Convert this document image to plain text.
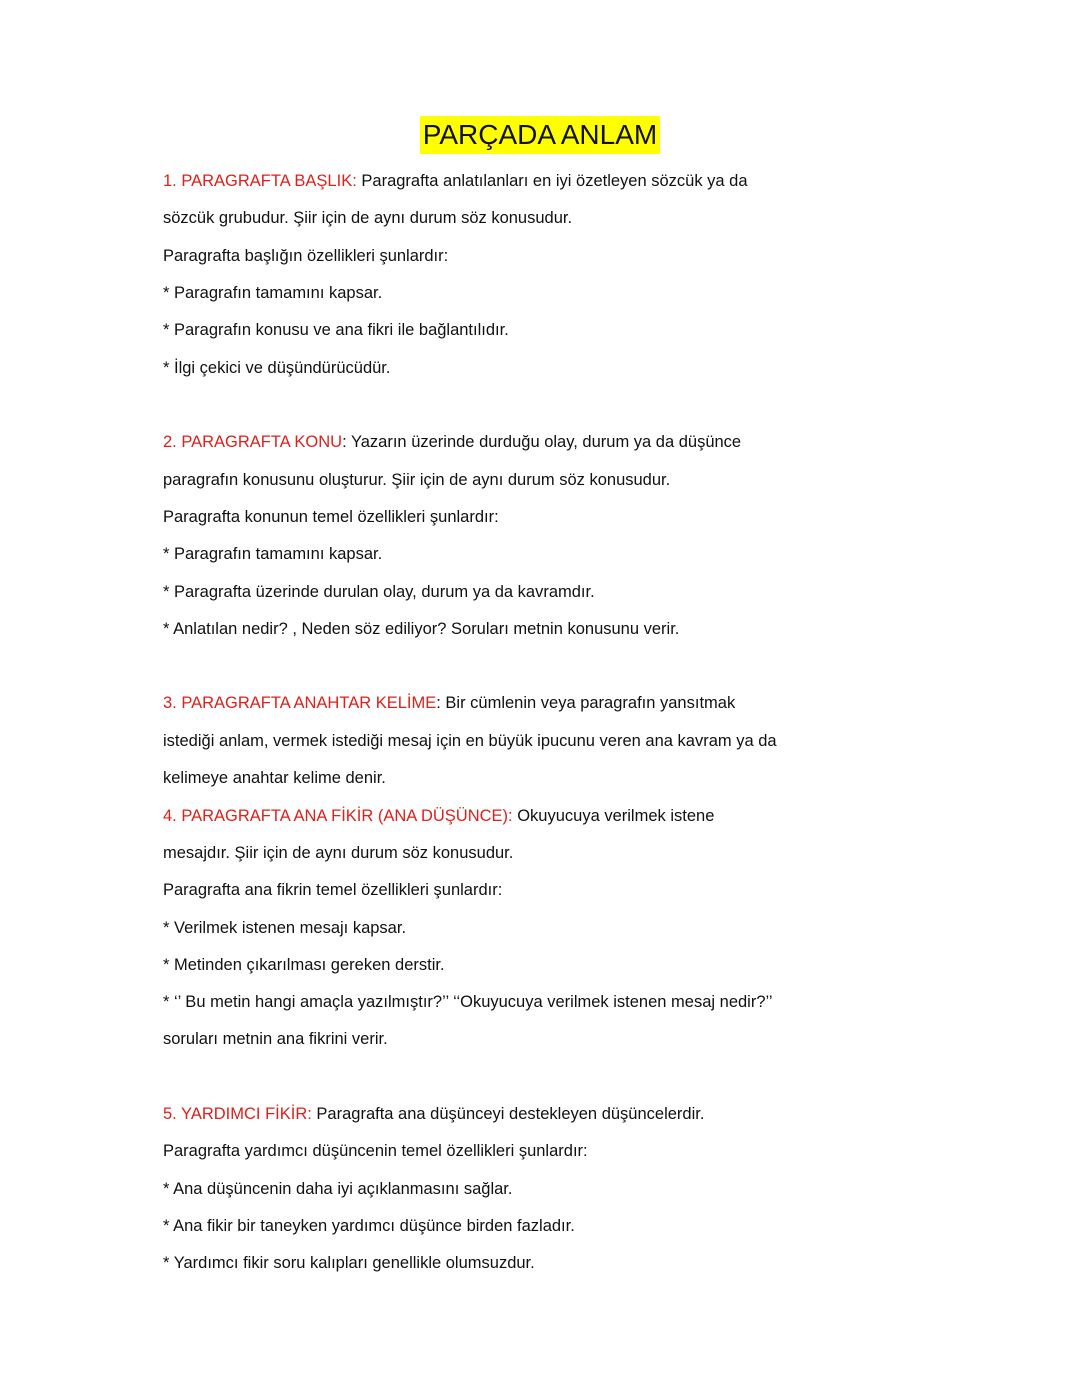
PARÇADA ANLAM
1. PARAGRAFTA BAŞLIK: Paragrafta anlatılanları en iyi özetleyen sözcük ya da
sözcük grubudur. Şiir için de aynı durum söz konusudur.
Paragrafta başlığın özellikleri şunlardır:
* Paragrafın tamamını kapsar.
* Paragrafın konusu ve ana fikri ile bağlantılıdır.
* İlgi çekici ve düşündürücüdür.
2. PARAGRAFTA KONU: Yazarın üzerinde durduğu olay, durum ya da düşünce
paragrafın konusunu oluşturur. Şiir için de aynı durum söz konusudur.
Paragrafta konunun temel özellikleri şunlardır:
* Paragrafın tamamını kapsar.
* Paragrafta üzerinde durulan olay, durum ya da kavramdır.
* Anlatılan nedir? , Neden söz ediliyor? Soruları metnin konusunu verir.
3. PARAGRAFTA ANAHTAR KELİME: Bir cümlenin veya paragrafın yansıtmak
istediği anlam, vermek istediği mesaj için en büyük ipucunu veren ana kavram ya da
kelimeye anahtar kelime denir.
4. PARAGRAFTA ANA FİKİR (ANA DÜŞÜNCE): Okuyucuya verilmek istene
mesajdır. Şiir için de aynı durum söz konusudur.
Paragrafta ana fikrin temel özellikleri şunlardır:
* Verilmek istenen mesajı kapsar.
* Metinden çıkarılması gereken derstir.
* ‘’ Bu metin hangi amaçla yazılmıştır?’’ ‘‘Okuyucuya verilmek istenen mesaj nedir?’’
soruları metnin ana fikrini verir.
5. YARDIMCI FİKİR: Paragrafta ana düşünceyi destekleyen düşüncelerdir.
Paragrafta yardımcı düşüncenin temel özellikleri şunlardır:
* Ana düşüncenin daha iyi açıklanmasını sağlar.
* Ana fikir bir taneyken yardımcı düşünce birden fazladır.
* Yardımcı fikir soru kalıpları genellikle olumsuzdur.
